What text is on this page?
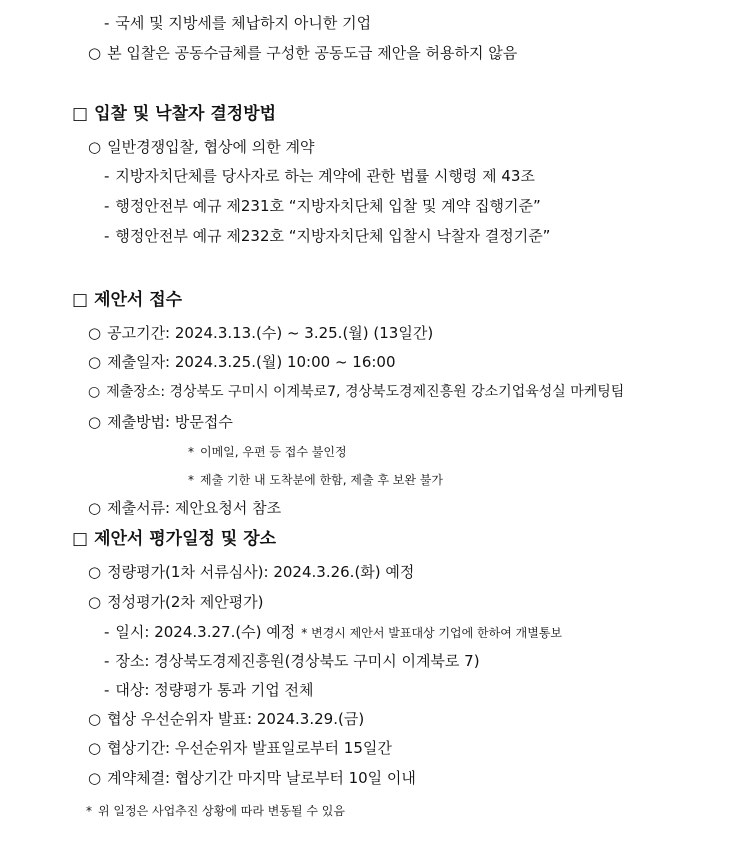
- 국세 및 지방세를 체납하지 아니한 기업
○ 본 입찰은 공동수급체를 구성한 공동도급 제안을 허용하지 않음
□ 입찰 및 낙찰자 결정방법
○ 일반경쟁입찰, 협상에 의한 계약
- 지방자치단체를 당사자로 하는 계약에 관한 법률 시행령 제 43조
- 행정안전부 예규 제231호 “지방자치단체 입찰 및 계약 집행기준”
- 행정안전부 예규 제232호 “지방자치단체 입찰시 낙찰자 결정기준”
□ 제안서 접수
○ 공고기간: 2024.3.13.(수) ~ 3.25.(월) (13일간)
○ 제출일자: 2024.3.25.(월) 10:00 ~ 16:00
○ 제출장소: 경상북도 구미시 이계북로7, 경상북도경제진흥원 강소기업육성실 마케팅팀
○ 제출방법: 방문접수
* 이메일, 우편 등 접수 불인정
* 제출 기한 내 도착분에 한함, 제출 후 보완 불가
○ 제출서류: 제안요청서 참조
□ 제안서 평가일정 및 장소
○ 정량평가(1차 서류심사): 2024.3.26.(화) 예정
○ 정성평가(2차 제안평가)
- 일시: 2024.3.27.(수) 예정 * 변경시 제안서 발표대상 기업에 한하여 개별통보
- 장소: 경상북도경제진흥원(경상북도 구미시 이계북로 7)
- 대상: 정량평가 통과 기업 전체
○ 협상 우선순위자 발표: 2024.3.29.(금)
○ 협상기간: 우선순위자 발표일로부터 15일간
○ 계약체결: 협상기간 마지막 날로부터 10일 이내
* 위 일정은 사업추진 상황에 따라 변동될 수 있음
